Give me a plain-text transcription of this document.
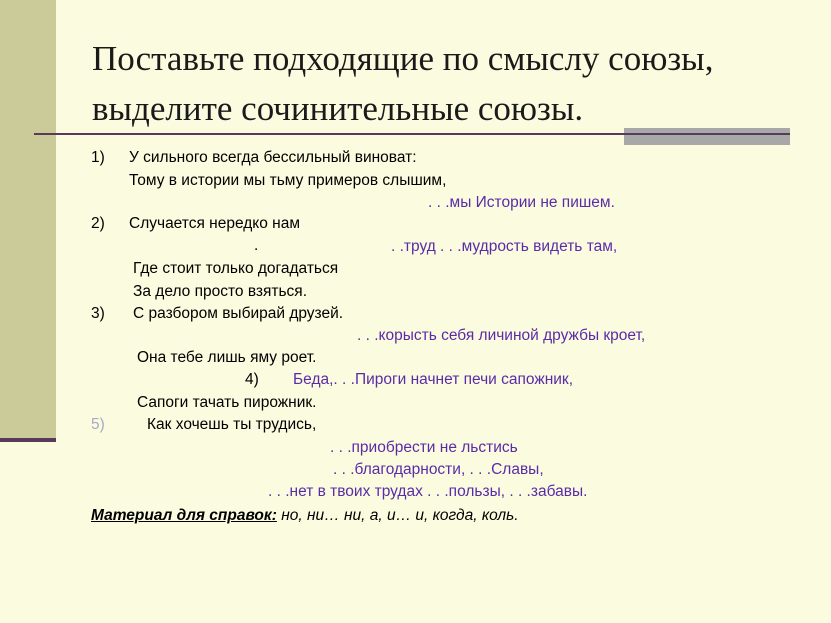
Поставьте подходящие по смыслу союзы,
выделите сочинительные союзы.
1) У сильного всегда бессильный виноват:
Тому в истории мы тьму примеров слышим,
. . .мы Истории не пишем.
2) Случается нередко нам
.	. .труд . . .мудрость видеть там,
Где стоит только догадаться
За дело просто взяться.
3) С разбором выбирай друзей.
. . .корысть себя личиной дружбы кроет,
Она тебе лишь яму роет.
4) Беда,. . .Пироги начнет печи сапожник,
Сапоги тачать пирожник.
5)	Как хочешь ты трудись,
. . .приобрести не льстись
. . .благодарности, . . .Славы,
. . .нет в твоих трудах . . .пользы, . . .забавы.
Материал для справок: но, ни… ни, а, и… и, когда, коль.
